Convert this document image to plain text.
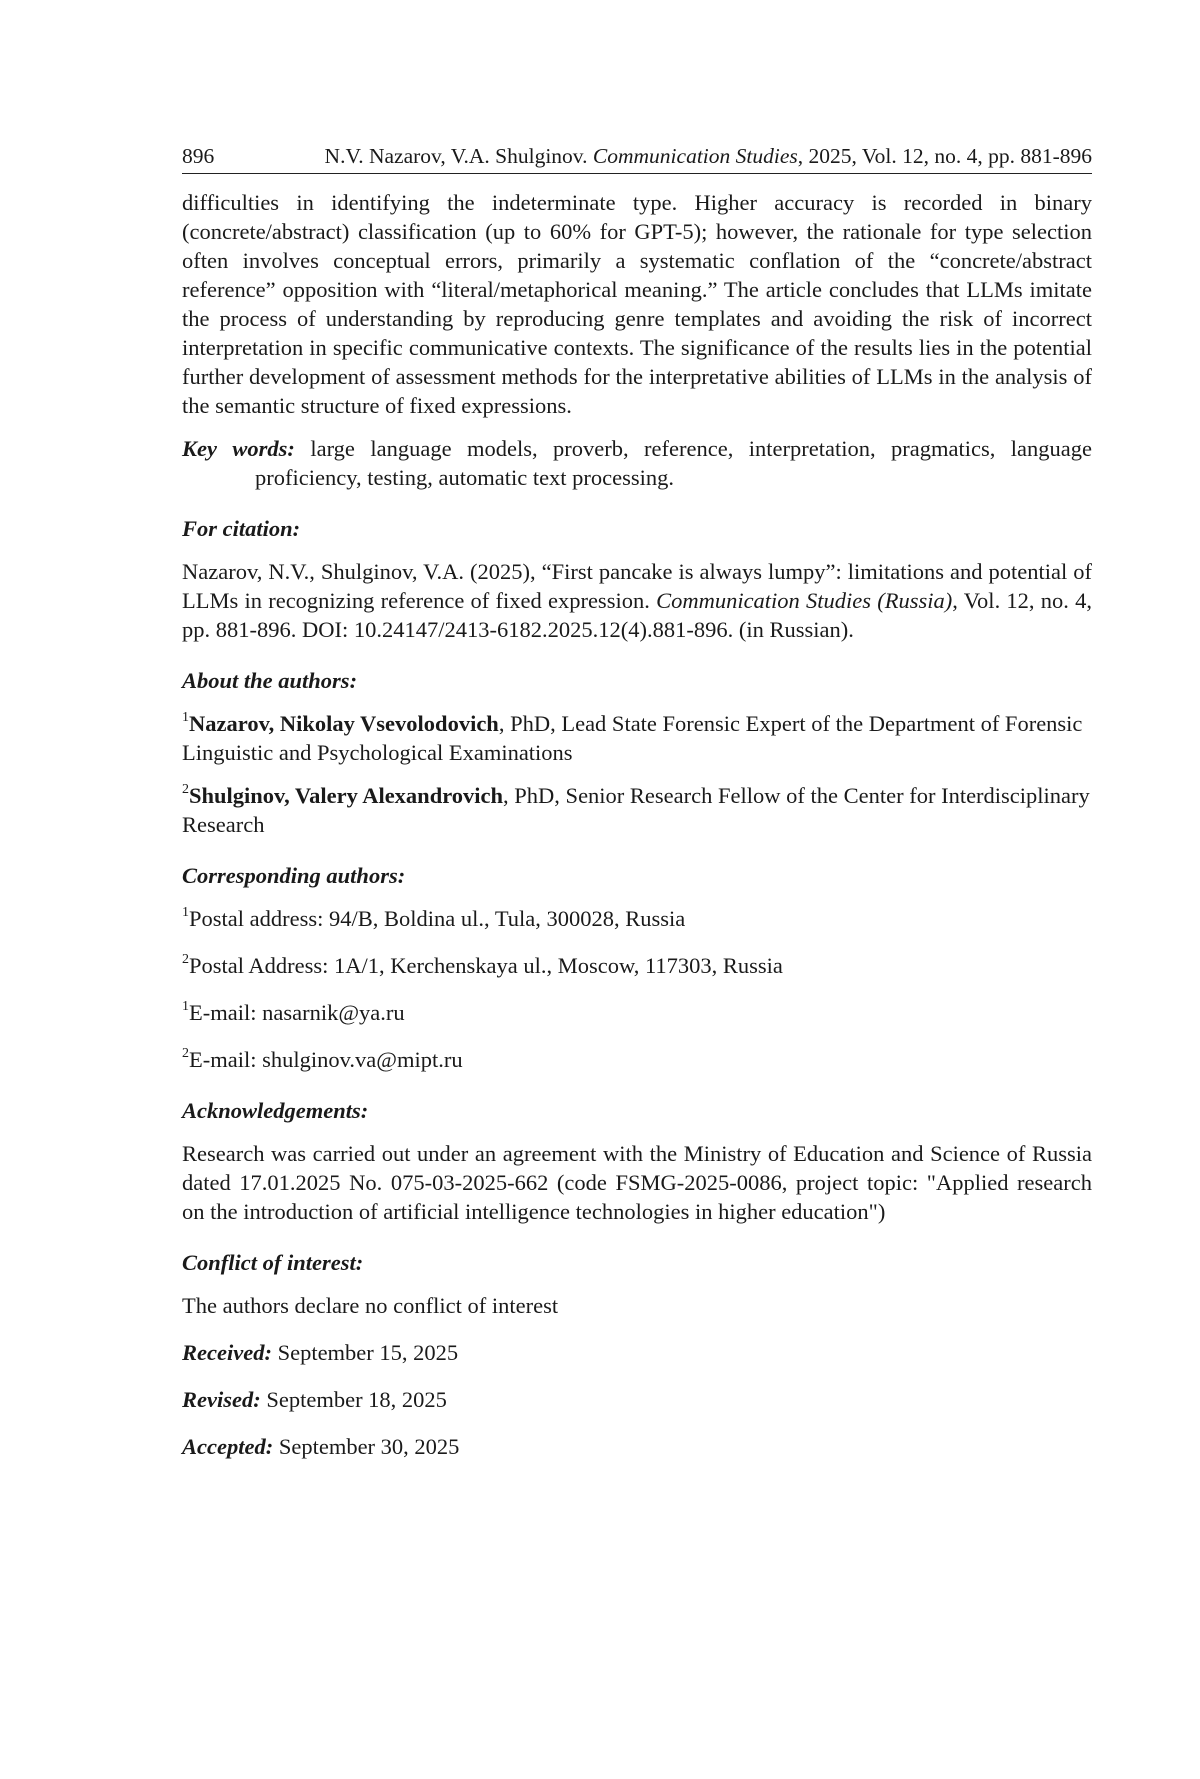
896	N.V. Nazarov, V.A. Shulginov. Communication Studies, 2025, Vol. 12, no. 4, pp. 881-896

difficulties in identifying the indeterminate type. Higher accuracy is recorded in binary (concrete/abstract) classification (up to 60% for GPT-5); however, the rationale for type selection often involves conceptual errors, primarily a systematic conflation of the “concrete/abstract reference” opposition with “literal/metaphorical meaning.” The article concludes that LLMs imitate the process of understanding by reproducing genre templates and avoiding the risk of incorrect interpretation in specific communicative contexts. The significance of the results lies in the potential further development of assessment methods for the interpretative abilities of LLMs in the analysis of the semantic structure of fixed expressions.

Key words: large language models, proverb, reference, interpretation, pragmatics, language proficiency, testing, automatic text processing.

For citation:

Nazarov, N.V., Shulginov, V.A. (2025), “First pancake is always lumpy”: limitations and potential of LLMs in recognizing reference of fixed expression. Communication Studies (Russia), Vol. 12, no. 4, pp. 881-896. DOI: 10.24147/2413-6182.2025.12(4).881-896. (in Russian).

About the authors:

$^1$Nazarov, Nikolay Vsevolodovich, PhD, Lead State Forensic Expert of the Department of Forensic Linguistic and Psychological Examinations

$^2$Shulginov, Valery Alexandrovich, PhD, Senior Research Fellow of the Center for Interdisciplinary Research

Corresponding authors:

$^1$Postal address: 94/B, Boldina ul., Tula, 300028, Russia

$^2$Postal Address: 1A/1, Kerchenskaya ul., Moscow, 117303, Russia

$^1$E-mail: nasarnik@ya.ru

$^2$E-mail: shulginov.va@mipt.ru

Acknowledgements:

Research was carried out under an agreement with the Ministry of Education and Science of Russia dated 17.01.2025 No. 075-03-2025-662 (code FSMG-2025-0086, project topic: "Applied research on the introduction of artificial intelligence technologies in higher education")

Conflict of interest:

The authors declare no conflict of interest

Received: September 15, 2025

Revised: September 18, 2025

Accepted: September 30, 2025
